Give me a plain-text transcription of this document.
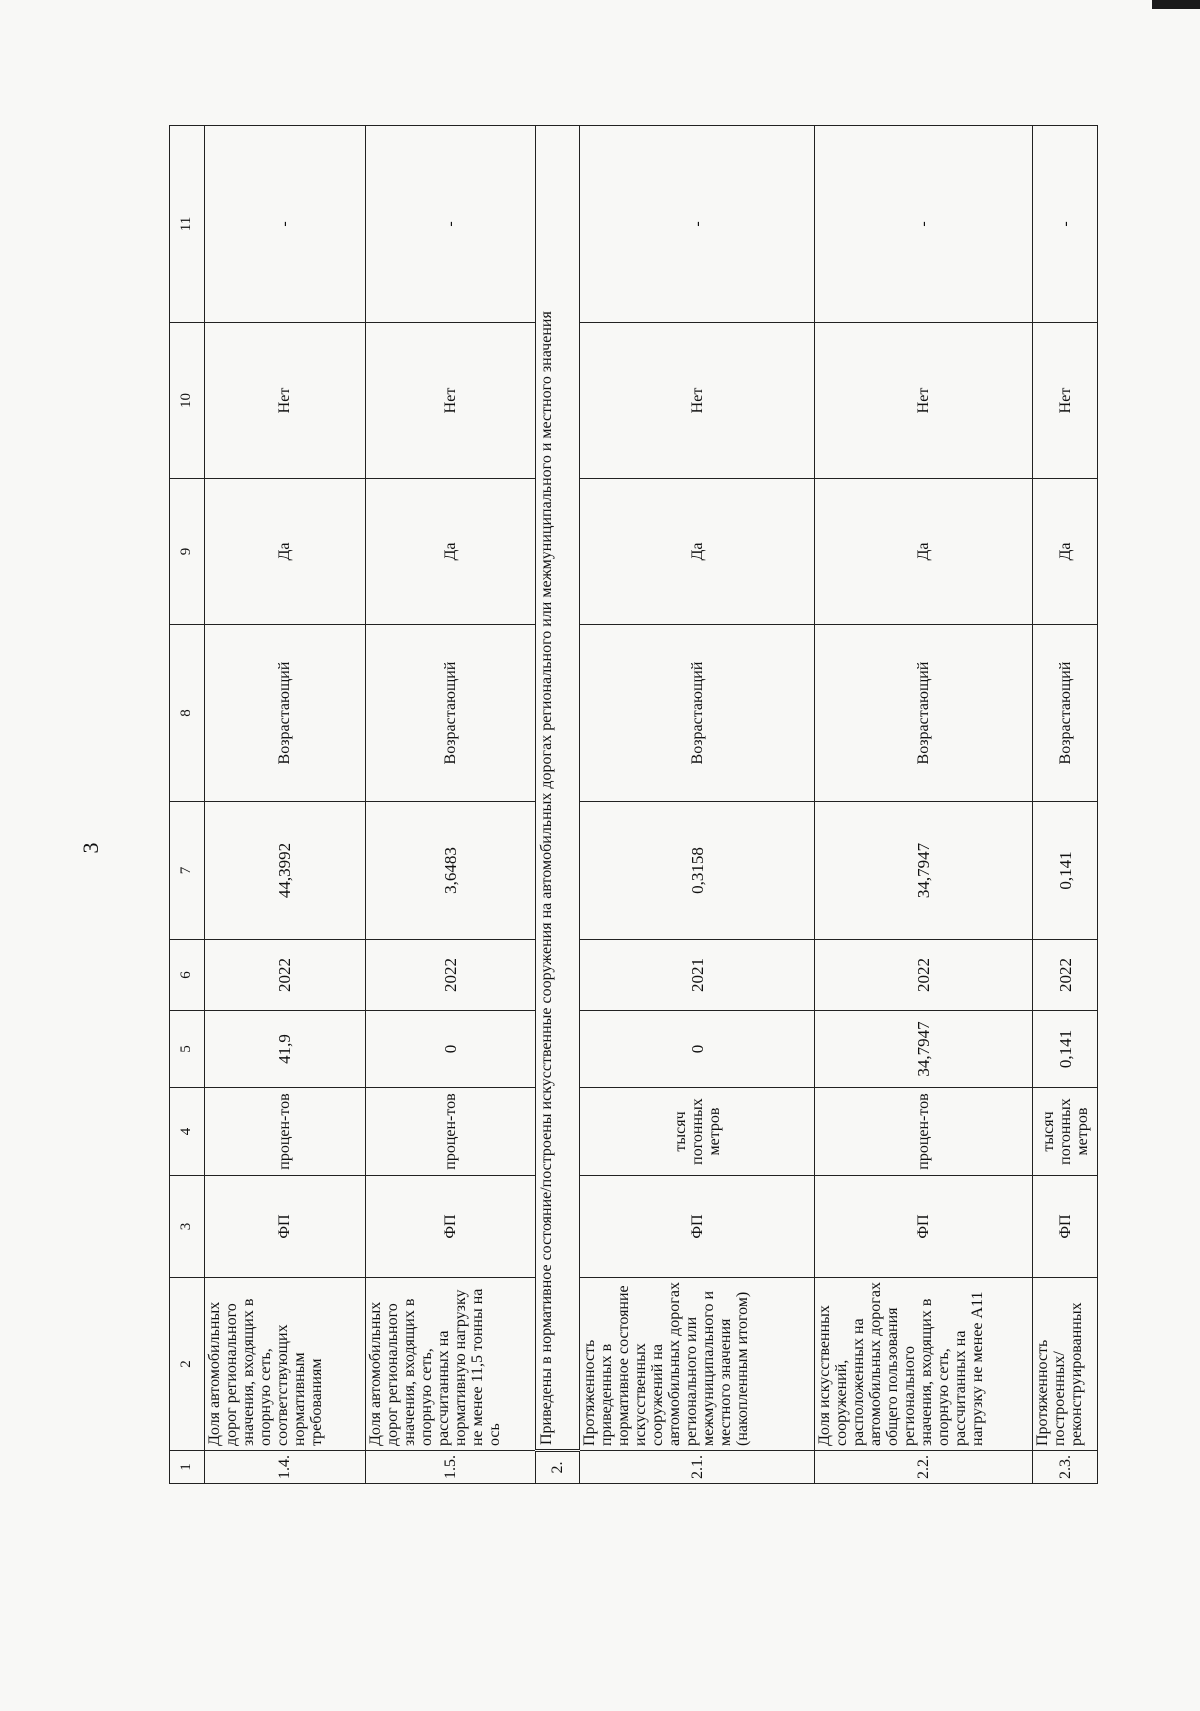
3
1	2	3	4	5	6	7	8	9	10	11
1.4.	Доля автомобильных дорог регионального значения, входящих в опорную сеть, соответствующих нормативным требованиям	ФП	процен-тов	41,9	2022	44,3992	Возрастающий	Да	Нет	-
1.5.	Доля автомобильных дорог регионального значения, входящих в опорную сеть, рассчитанных на нормативную нагрузку не менее 11,5 тонны на ось	ФП	процен-тов	0	2022	3,6483	Возрастающий	Да	Нет	-
2.	Приведены в нормативное состояние/построены искусственные сооружения на автомобильных дорогах регионального или межмуниципального и местного значения									
2.1.	Протяженность приведенных в нормативное состояние искусственных сооружений на автомобильных дорогах регионального или межмуниципального и местного значения (накопленным итогом)	ФП	тысяч погонных метров	0	2021	0,3158	Возрастающий	Да	Нет	-
2.2.	Доля искусственных сооружений, расположенных на автомобильных дорогах общего пользования регионального значения, входящих в опорную сеть, рассчитанных на нагрузку не менее А11	ФП	процен-тов	34,7947	2022	34,7947	Возрастающий	Да	Нет	-
2.3.	Протяженность построенных/ реконструированных	ФП	тысяч погонных метров	0,141	2022	0,141	Возрастающий	Да	Нет	-
